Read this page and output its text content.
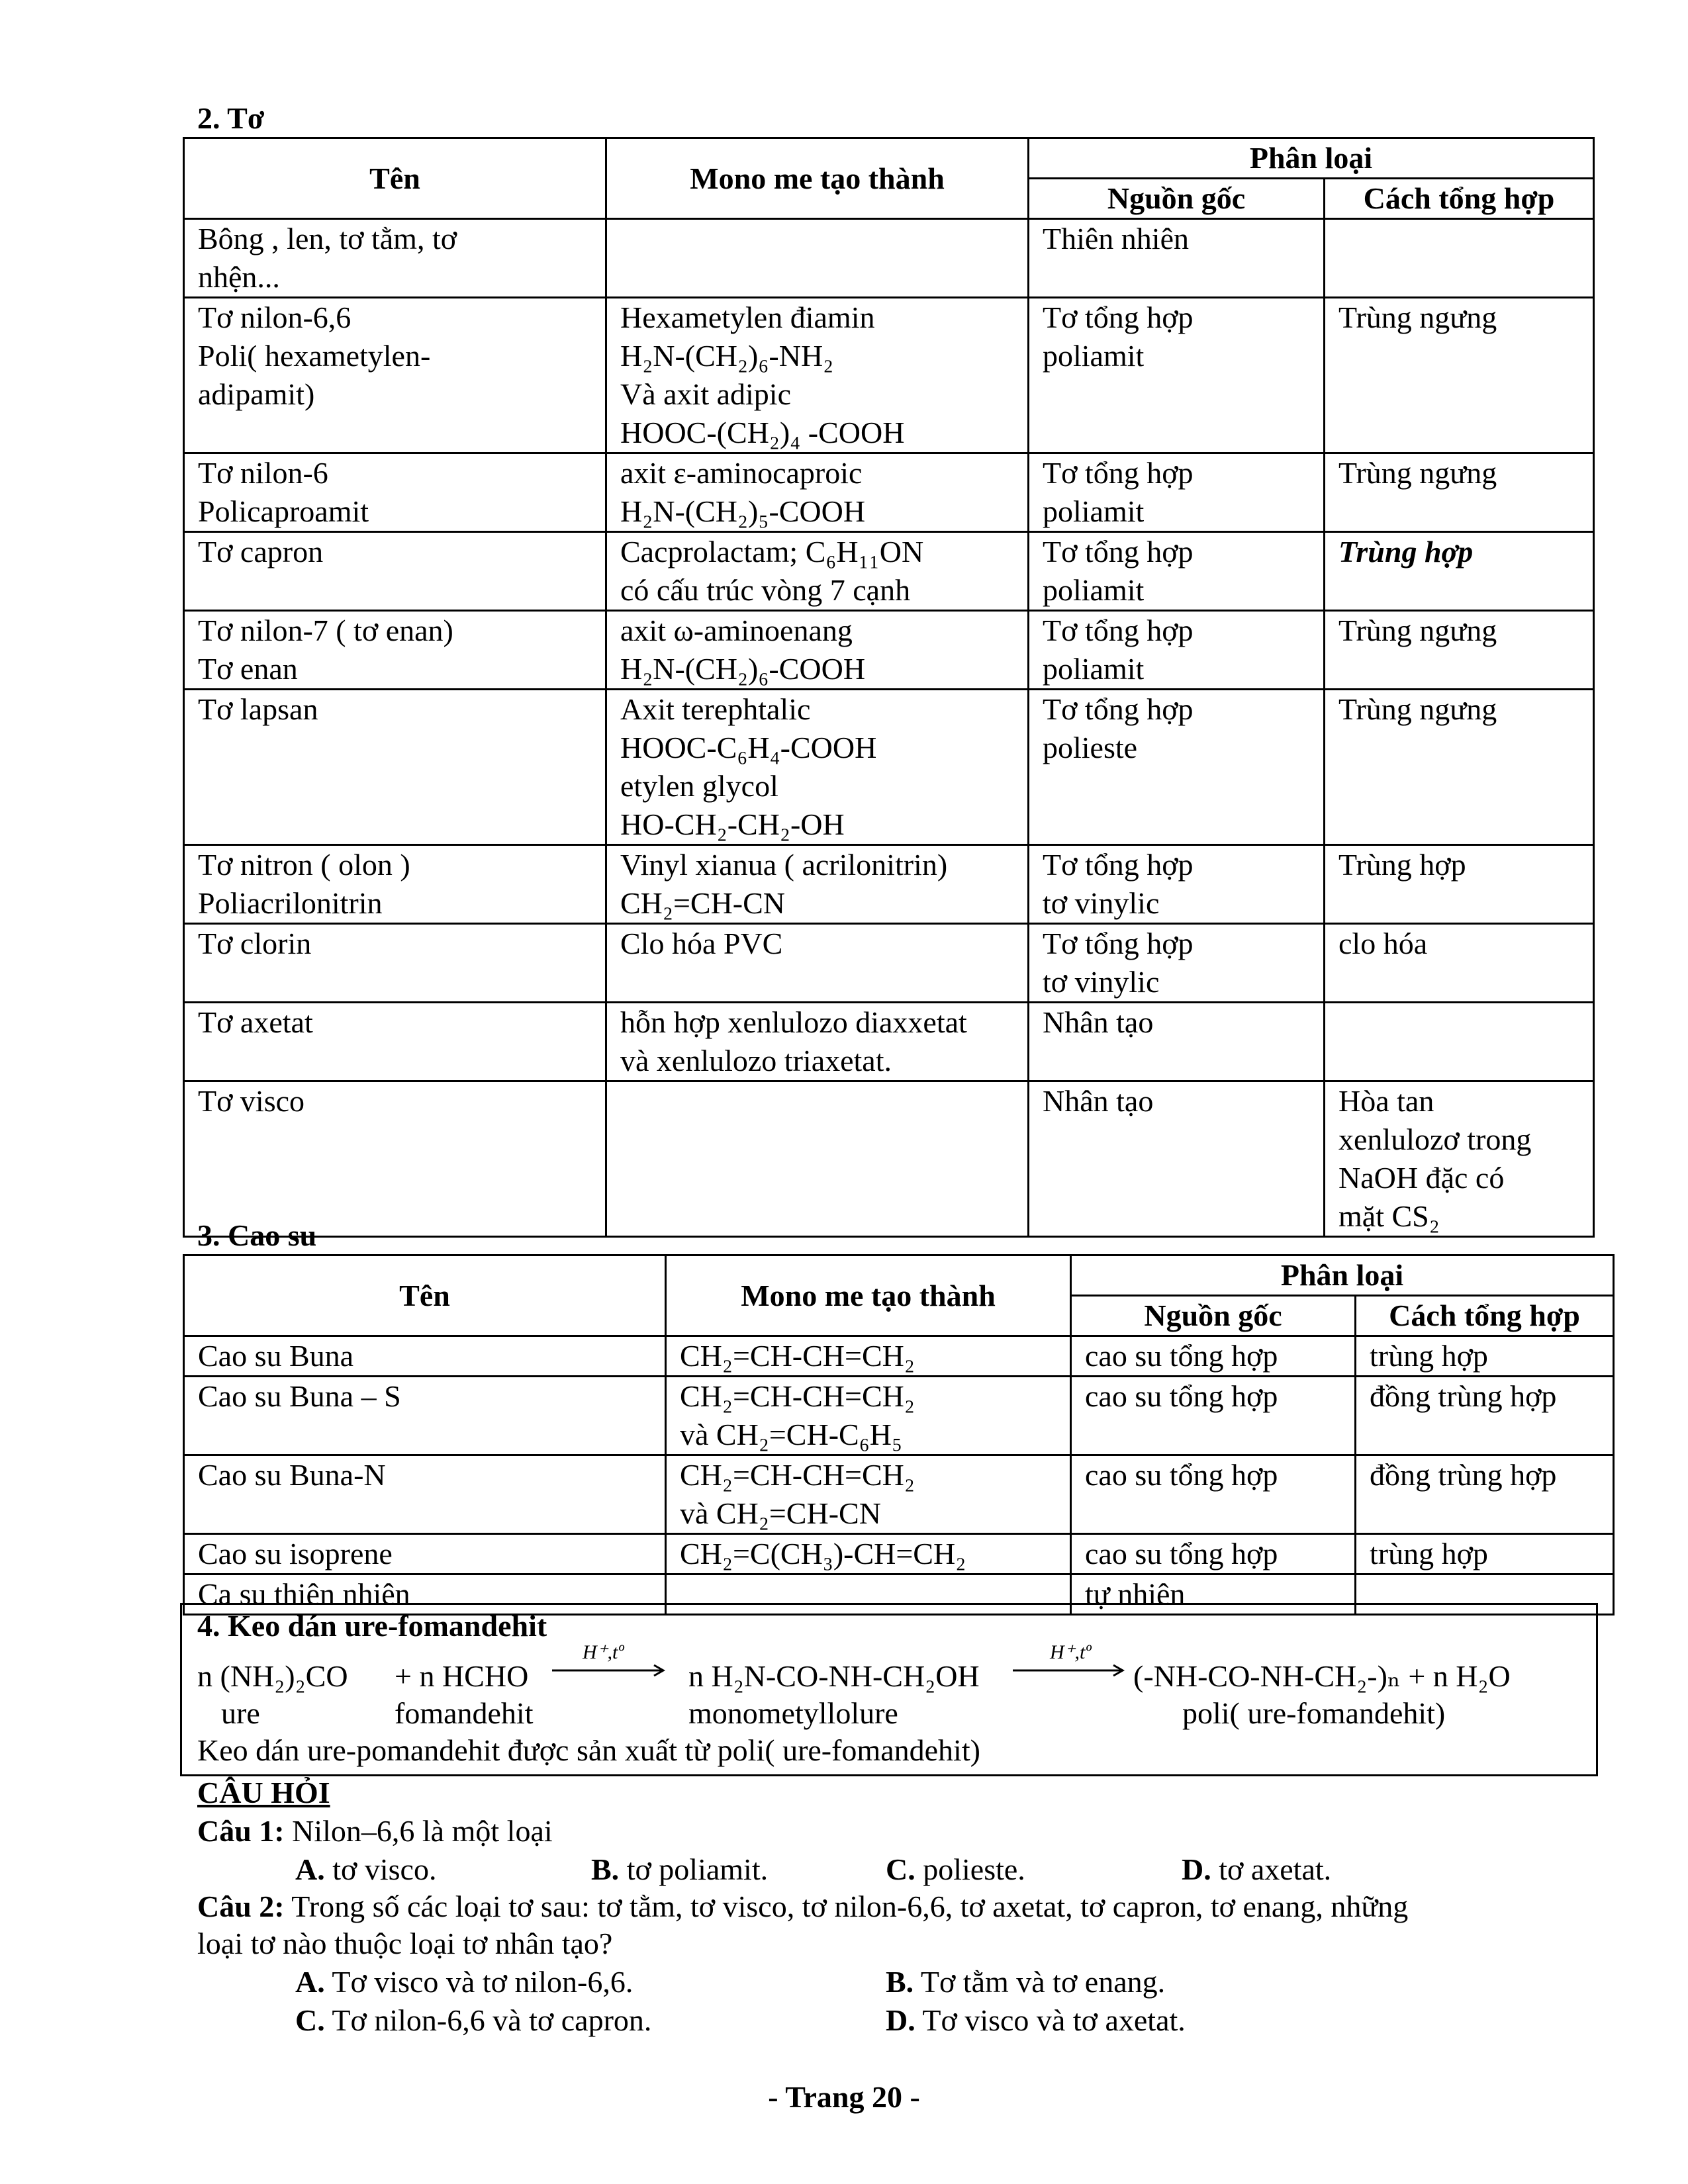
2. Tơ
Tên	Mono me tạo thành	Phân loại	
		Nguồn gốc	Cách tổng hợp

Bông , len, tơ tằm, tơ
nhện...		Thiên nhiên	

Tơ nilon-6,6
Poli( hexametylen-
adipamit)	Hexametylen điamin
H₂N-(CH₂)₆-NH₂
Và axit adipic
HOOC-(CH₂)₄ -COOH	Tơ tổng hợp
poliamit	Trùng ngưng

Tơ nilon-6
Policaproamit	axit ε-aminocaproic
H₂N-(CH₂)₅-COOH	Tơ tổng hợp
poliamit	Trùng ngưng

Tơ capron	Cacprolactam; C₆H₁₁ON
có cấu trúc vòng 7 cạnh	Tơ tổng hợp
poliamit	Trùng hợp

Tơ nilon-7 ( tơ enan)
Tơ enan	axit ω-aminoenang
H₂N-(CH₂)₆-COOH	Tơ tổng hợp
poliamit	Trùng ngưng

Tơ lapsan	Axit terephtalic
HOOC-C₆H₄-COOH
etylen glycol
HO-CH₂-CH₂-OH	Tơ tổng hợp
polieste	Trùng ngưng

Tơ nitron ( olon )
Poliacrilonitrin	Vinyl xianua ( acrilonitrin)
CH₂=CH-CN	Tơ tổng hợp
tơ vinylic	Trùng hợp

Tơ clorin	Clo hóa PVC	Tơ tổng hợp
tơ vinylic	clo hóa

Tơ axetat	hỗn hợp xenlulozo diaxxetat
và xenlulozo triaxetat.	Nhân tạo	

Tơ visco		Nhân tạo	Hòa tan
xenlulozơ trong
NaOH đặc có
mặt CS₂
3. Cao su
Tên	Mono me tạo thành	Phân loại	
		Nguồn gốc	Cách tổng hợp

Cao su Buna	CH₂=CH-CH=CH₂	cao su tổng hợp	trùng hợp

Cao su Buna – S	CH₂=CH-CH=CH₂
và CH₂=CH-C₆H₅	cao su tổng hợp	đồng trùng hợp

Cao su Buna-N	CH₂=CH-CH=CH₂
và CH₂=CH-CN	cao su tổng hợp	đồng trùng hợp

Cao su isoprene	CH₂=C(CH₃)-CH=CH₂	cao su tổng hợp	trùng hợp

Ca su thiên nhiên		tự nhiên	

4. Keo dán ure-fomandehit
n (NH₂)₂CO + n HCHO
H⁺,tº
n H₂N-CO-NH-CH₂OH
H⁺,tº
(-NH-CO-NH-CH₂-)ₙ + n H₂O
ure	fomandehit	monometyllolure	poli( ure-fomandehit)
Keo dán ure-pomandehit được sản xuất từ poli( ure-fomandehit)
CÂU HỎI
Câu 1: Nilon–6,6 là một loại
A. tơ visco.	B. tơ poliamit.	C. polieste.	D. tơ axetat.
Câu 2: Trong số các loại tơ sau: tơ tằm, tơ visco, tơ nilon-6,6, tơ axetat, tơ capron, tơ enang, những
loại tơ nào thuộc loại tơ nhân tạo?
A. Tơ visco và tơ nilon-6,6.	B. Tơ tằm và tơ enang.
C. Tơ nilon-6,6 và tơ capron.	D. Tơ visco và tơ axetat.
- Trang 20 -
